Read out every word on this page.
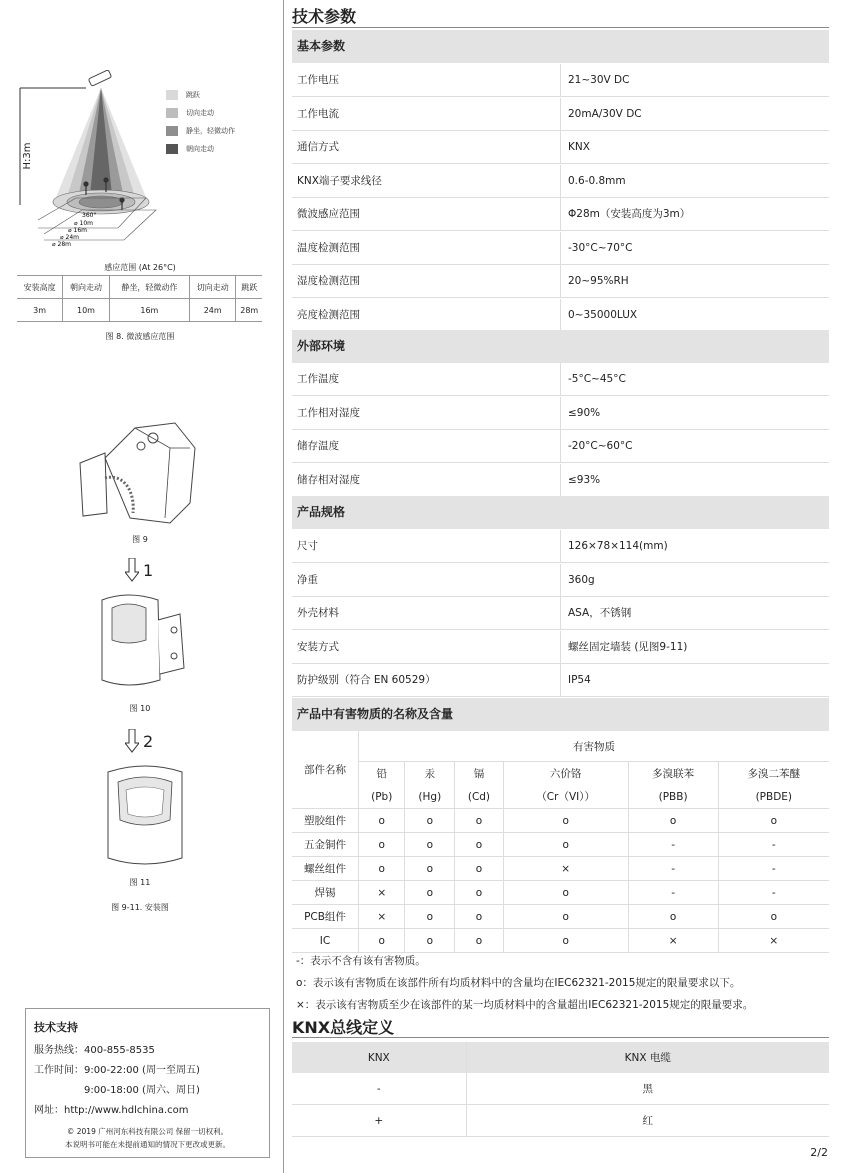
H:3m
360°
⌀ 10m
⌀ 16m
⌀ 24m
⌀ 28m
跳跃
切向走动
静坐，轻微动作
朝向走动
感应范围 (At 26°C)
安装高度	朝向走动	静坐，轻微动作	切向走动	跳跃
3m	10m	16m	24m	28m
图 8. 微波感应范围
图 9
1
图 10
2
图 11
图 9-11. 安装图
技术支持
服务热线：400-855-8535
工作时间：9:00-22:00 (周一至周五)
9:00-18:00 (周六、周日)
网址：http://www.hdlchina.com
© 2019 广州河东科技有限公司 保留一切权利。
本说明书可能在未提前通知的情况下更改或更新。
技术参数
基本参数
工作电压	21~30V DC
工作电流	20mA/30V DC
通信方式	KNX
KNX端子要求线径	0.6-0.8mm
微波感应范围	Φ28m（安装高度为3m）
温度检测范围	-30°C~70°C
湿度检测范围	20~95%RH
亮度检测范围	0~35000LUX
外部环境
工作温度	-5°C~45°C
工作相对湿度	≤90%
储存温度	-20°C~60°C
储存相对湿度	≤93%
产品规格
尺寸	126×78×114(mm)
净重	360g
外壳材料	ASA，不锈钢
安装方式	螺丝固定墙装 (见图9-11)
防护级别（符合 EN 60529）	IP54
产品中有害物质的名称及含量
部件名称	有害物质					
	铅	汞	镉	六价铬	多溴联苯	多溴二苯醚
	(Pb)	(Hg)	(Cd)	（Cr（VI））	(PBB)	(PBDE)
塑胶组件	o	o	o	o	o	o
五金铜件	o	o	o	o	-	-
螺丝组件	o	o	o	×	-	-
焊锡	×	o	o	o	-	-
PCB组件	×	o	o	o	o	o
IC	o	o	o	o	×	×
-：表示不含有该有害物质。
o：表示该有害物质在该部件所有均质材料中的含量均在IEC62321-2015规定的限量要求以下。
×：表示该有害物质至少在该部件的某一均质材料中的含量超出IEC62321-2015规定的限量要求。
KNX总线定义
KNX	KNX 电缆
-	黑
+	红
2/2
